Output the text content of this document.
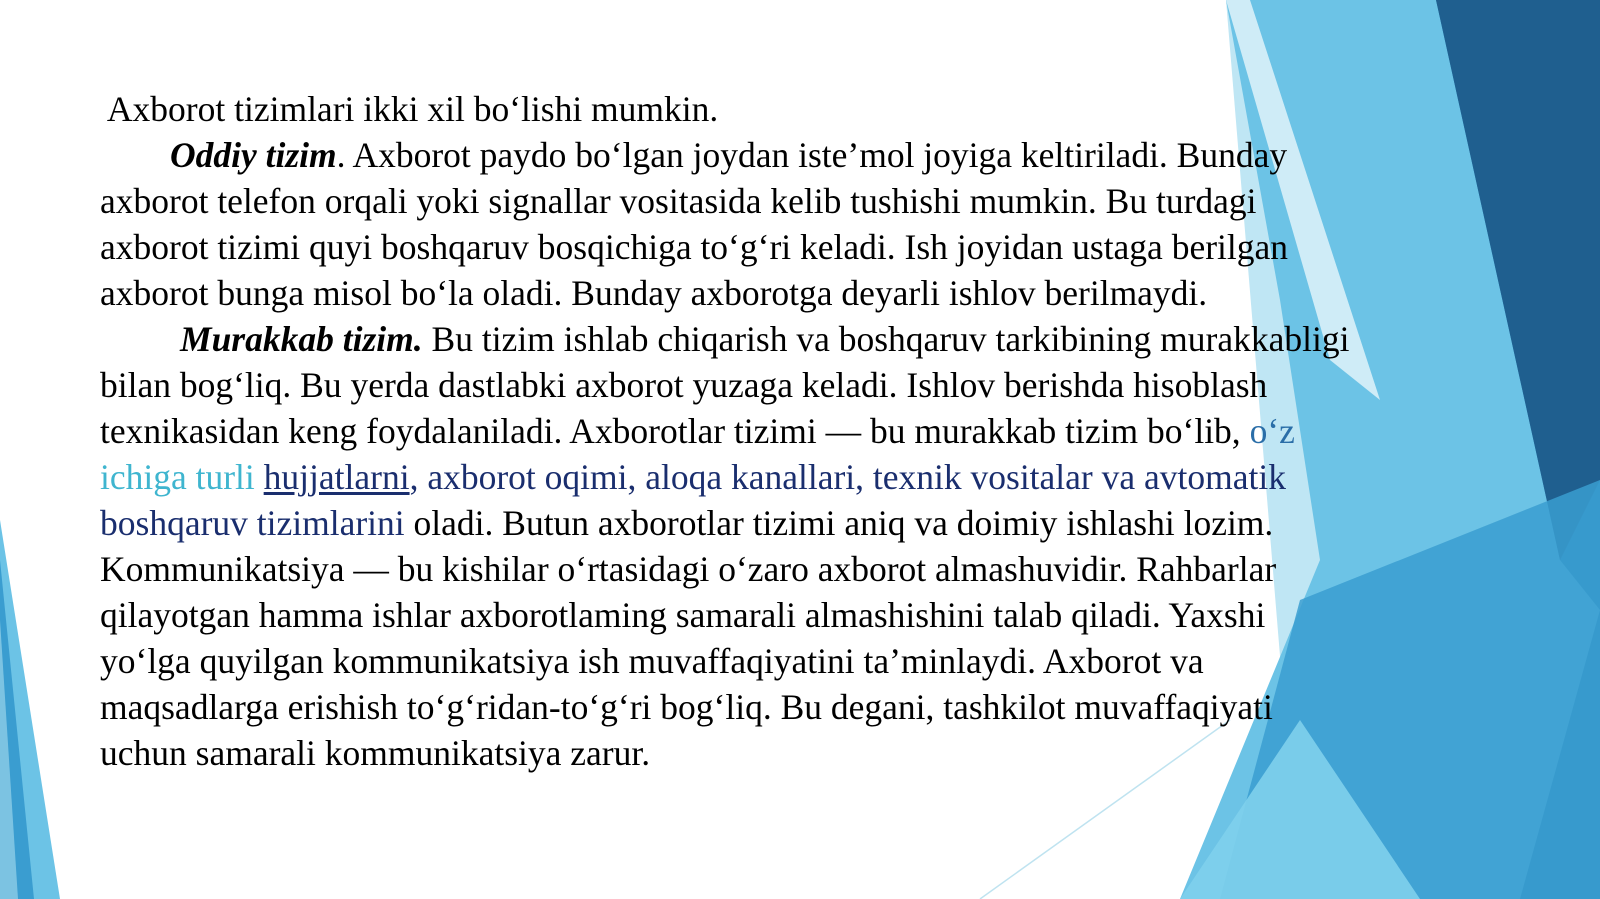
Axborot tizimlari ikki xil bo‘lishi mumkin.

Oddiy tizim. Axborot paydo bo‘lgan joydan iste’mol joyiga keltiriladi. Bunday

axborot telefon orqali yoki signallar vositasida kelib tushishi mumkin. Bu turdagi

axborot tizimi quyi boshqaruv bosqichiga to‘g‘ri keladi. Ish joyidan ustaga berilgan

axborot bunga misol bo‘la oladi. Bunday axborotga deyarli ishlov berilmaydi.

Murakkab tizim. Bu tizim ishlab chiqarish va boshqaruv tarkibining murakkabligi

bilan bog‘liq. Bu yerda dastlabki axborot yuzaga keladi. Ishlov berishda hisoblash

texnikasidan keng foydalaniladi. Axborotlar tizimi — bu murakkab tizim bo‘lib, o‘z

ichiga turli hujjatlarni, axborot oqimi, aloqa kanallari, texnik vositalar va avtomatik

boshqaruv tizimlarini oladi. Butun axborotlar tizimi aniq va doimiy ishlashi lozim.

Kommunikatsiya — bu kishilar o‘rtasidagi o‘zaro axborot almashuvidir. Rahbarlar

qilayotgan hamma ishlar axborotlaming samarali almashishini talab qiladi. Yaxshi

yo‘lga quyilgan kommunikatsiya ish muvaffaqiyatini ta’minlaydi. Axborot va

maqsadlarga erishish to‘g‘ridan-to‘g‘ri bog‘liq. Bu degani, tashkilot muvaffaqiyati

uchun samarali kommunikatsiya zarur.
